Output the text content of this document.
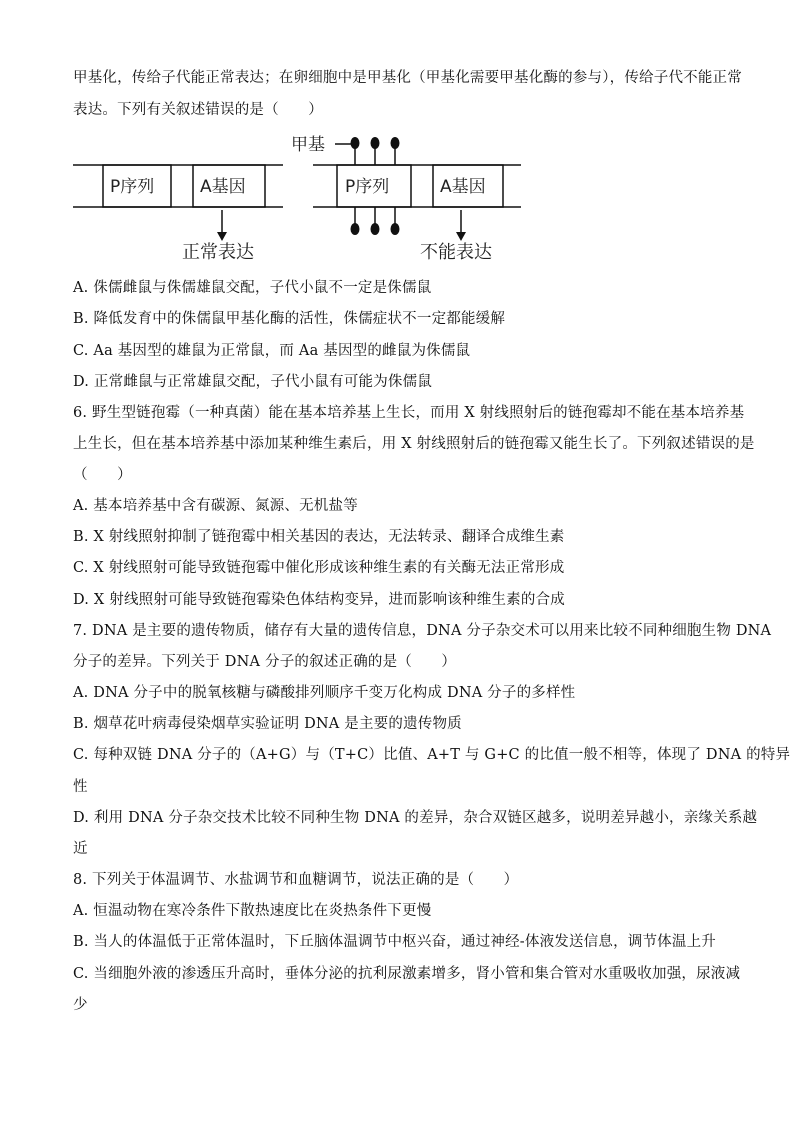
甲基化，传给子代能正常表达；在卵细胞中是甲基化（甲基化需要甲基化酶的参与），传给子代不能正常
表达。下列有关叙述错误的是（　　）
甲基
P序列	A基因	P序列	A基因
正常表达	不能表达
A. 侏儒雌鼠与侏儒雄鼠交配，子代小鼠不一定是侏儒鼠
B. 降低发育中的侏儒鼠甲基化酶的活性，侏儒症状不一定都能缓解
C. Aa 基因型的雄鼠为正常鼠，而 Aa 基因型的雌鼠为侏儒鼠
D. 正常雌鼠与正常雄鼠交配，子代小鼠有可能为侏儒鼠
6. 野生型链孢霉（一种真菌）能在基本培养基上生长，而用 X 射线照射后的链孢霉却不能在基本培养基
上生长，但在基本培养基中添加某种维生素后，用 X 射线照射后的链孢霉又能生长了。下列叙述错误的是
（　　）
A. 基本培养基中含有碳源、氮源、无机盐等
B. X 射线照射抑制了链孢霉中相关基因的表达，无法转录、翻译合成维生素
C. X 射线照射可能导致链孢霉中催化形成该种维生素的有关酶无法正常形成
D. X 射线照射可能导致链孢霉染色体结构变异，进而影响该种维生素的合成
7. DNA 是主要的遗传物质，储存有大量的遗传信息，DNA 分子杂交术可以用来比较不同种细胞生物 DNA
分子的差异。下列关于 DNA 分子的叙述正确的是（　　）
A. DNA 分子中的脱氧核糖与磷酸排列顺序千变万化构成 DNA 分子的多样性
B. 烟草花叶病毒侵染烟草实验证明 DNA 是主要的遗传物质
C. 每种双链 DNA 分子的（A+G）与（T+C）比值、A+T 与 G+C 的比值一般不相等，体现了 DNA 的特异
性
D. 利用 DNA 分子杂交技术比较不同种生物 DNA 的差异，杂合双链区越多，说明差异越小，亲缘关系越
近
8. 下列关于体温调节、水盐调节和血糖调节，说法正确的是（　　）
A. 恒温动物在寒冷条件下散热速度比在炎热条件下更慢
B. 当人的体温低于正常体温时，下丘脑体温调节中枢兴奋，通过神经-体液发送信息，调节体温上升
C. 当细胞外液的渗透压升高时，垂体分泌的抗利尿激素增多，肾小管和集合管对水重吸收加强，尿液减
少
